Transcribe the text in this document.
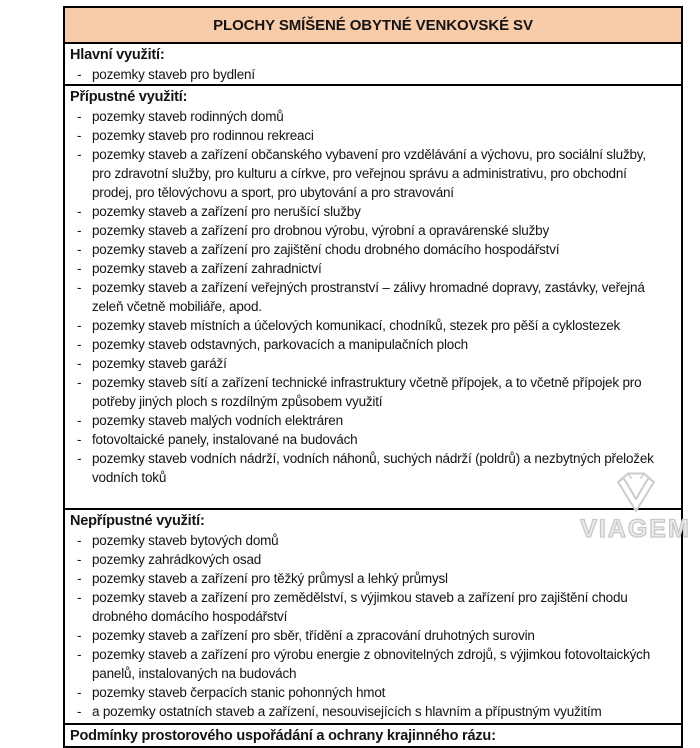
PLOCHY SMÍŠENÉ OBYTNÉ VENKOVSKÉ SV
Hlavní využití:
- pozemky staveb pro bydlení
Přípustné využití:
- pozemky staveb rodinných domů
- pozemky staveb pro rodinnou rekreaci
- pozemky staveb a zařízení občanského vybavení pro vzdělávání a výchovu, pro sociální služby, pro zdravotní služby, pro kulturu a církve, pro veřejnou správu a administrativu, pro obchodní prodej, pro tělovýchovu a sport, pro ubytování a pro stravování
- pozemky staveb a zařízení pro nerušící služby
- pozemky staveb a zařízení pro drobnou výrobu, výrobní a opravárenské služby
- pozemky staveb a zařízení pro zajištění chodu drobného domácího hospodářství
- pozemky staveb a zařízení zahradnictví
- pozemky staveb a zařízení veřejných prostranství – zálivy hromadné dopravy, zastávky, veřejná zeleň včetně mobiliáře, apod.
- pozemky staveb místních a účelových komunikací, chodníků, stezek pro pěší a cyklostezek
- pozemky staveb odstavných, parkovacích a manipulačních ploch
- pozemky staveb garáží
- pozemky staveb sítí a zařízení technické infrastruktury včetně přípojek, a to včetně přípojek pro potřeby jiných ploch s rozdílným způsobem využití
- pozemky staveb malých vodních elektráren
- fotovoltaické panely, instalované na budovách
- pozemky staveb vodních nádrží, vodních náhonů, suchých nádrží (poldrů) a nezbytných přeložek vodních toků
Nepřípustné využití:
- pozemky staveb bytových domů
- pozemky zahrádkových osad
- pozemky staveb a zařízení pro těžký průmysl a lehký průmysl
- pozemky staveb a zařízení pro zemědělství, s výjimkou staveb a zařízení pro zajištění chodu drobného domácího hospodářství
- pozemky staveb a zařízení pro sběr, třídění a zpracování druhotných surovin
- pozemky staveb a zařízení pro výrobu energie z obnovitelných zdrojů, s výjimkou fotovoltaických panelů, instalovaných na budovách
- pozemky staveb čerpacích stanic pohonných hmot
- a pozemky ostatních staveb a zařízení, nesouvisejících s hlavním a přípustným využitím
Podmínky prostorového uspořádání a ochrany krajinného rázu:
VIAGEM
